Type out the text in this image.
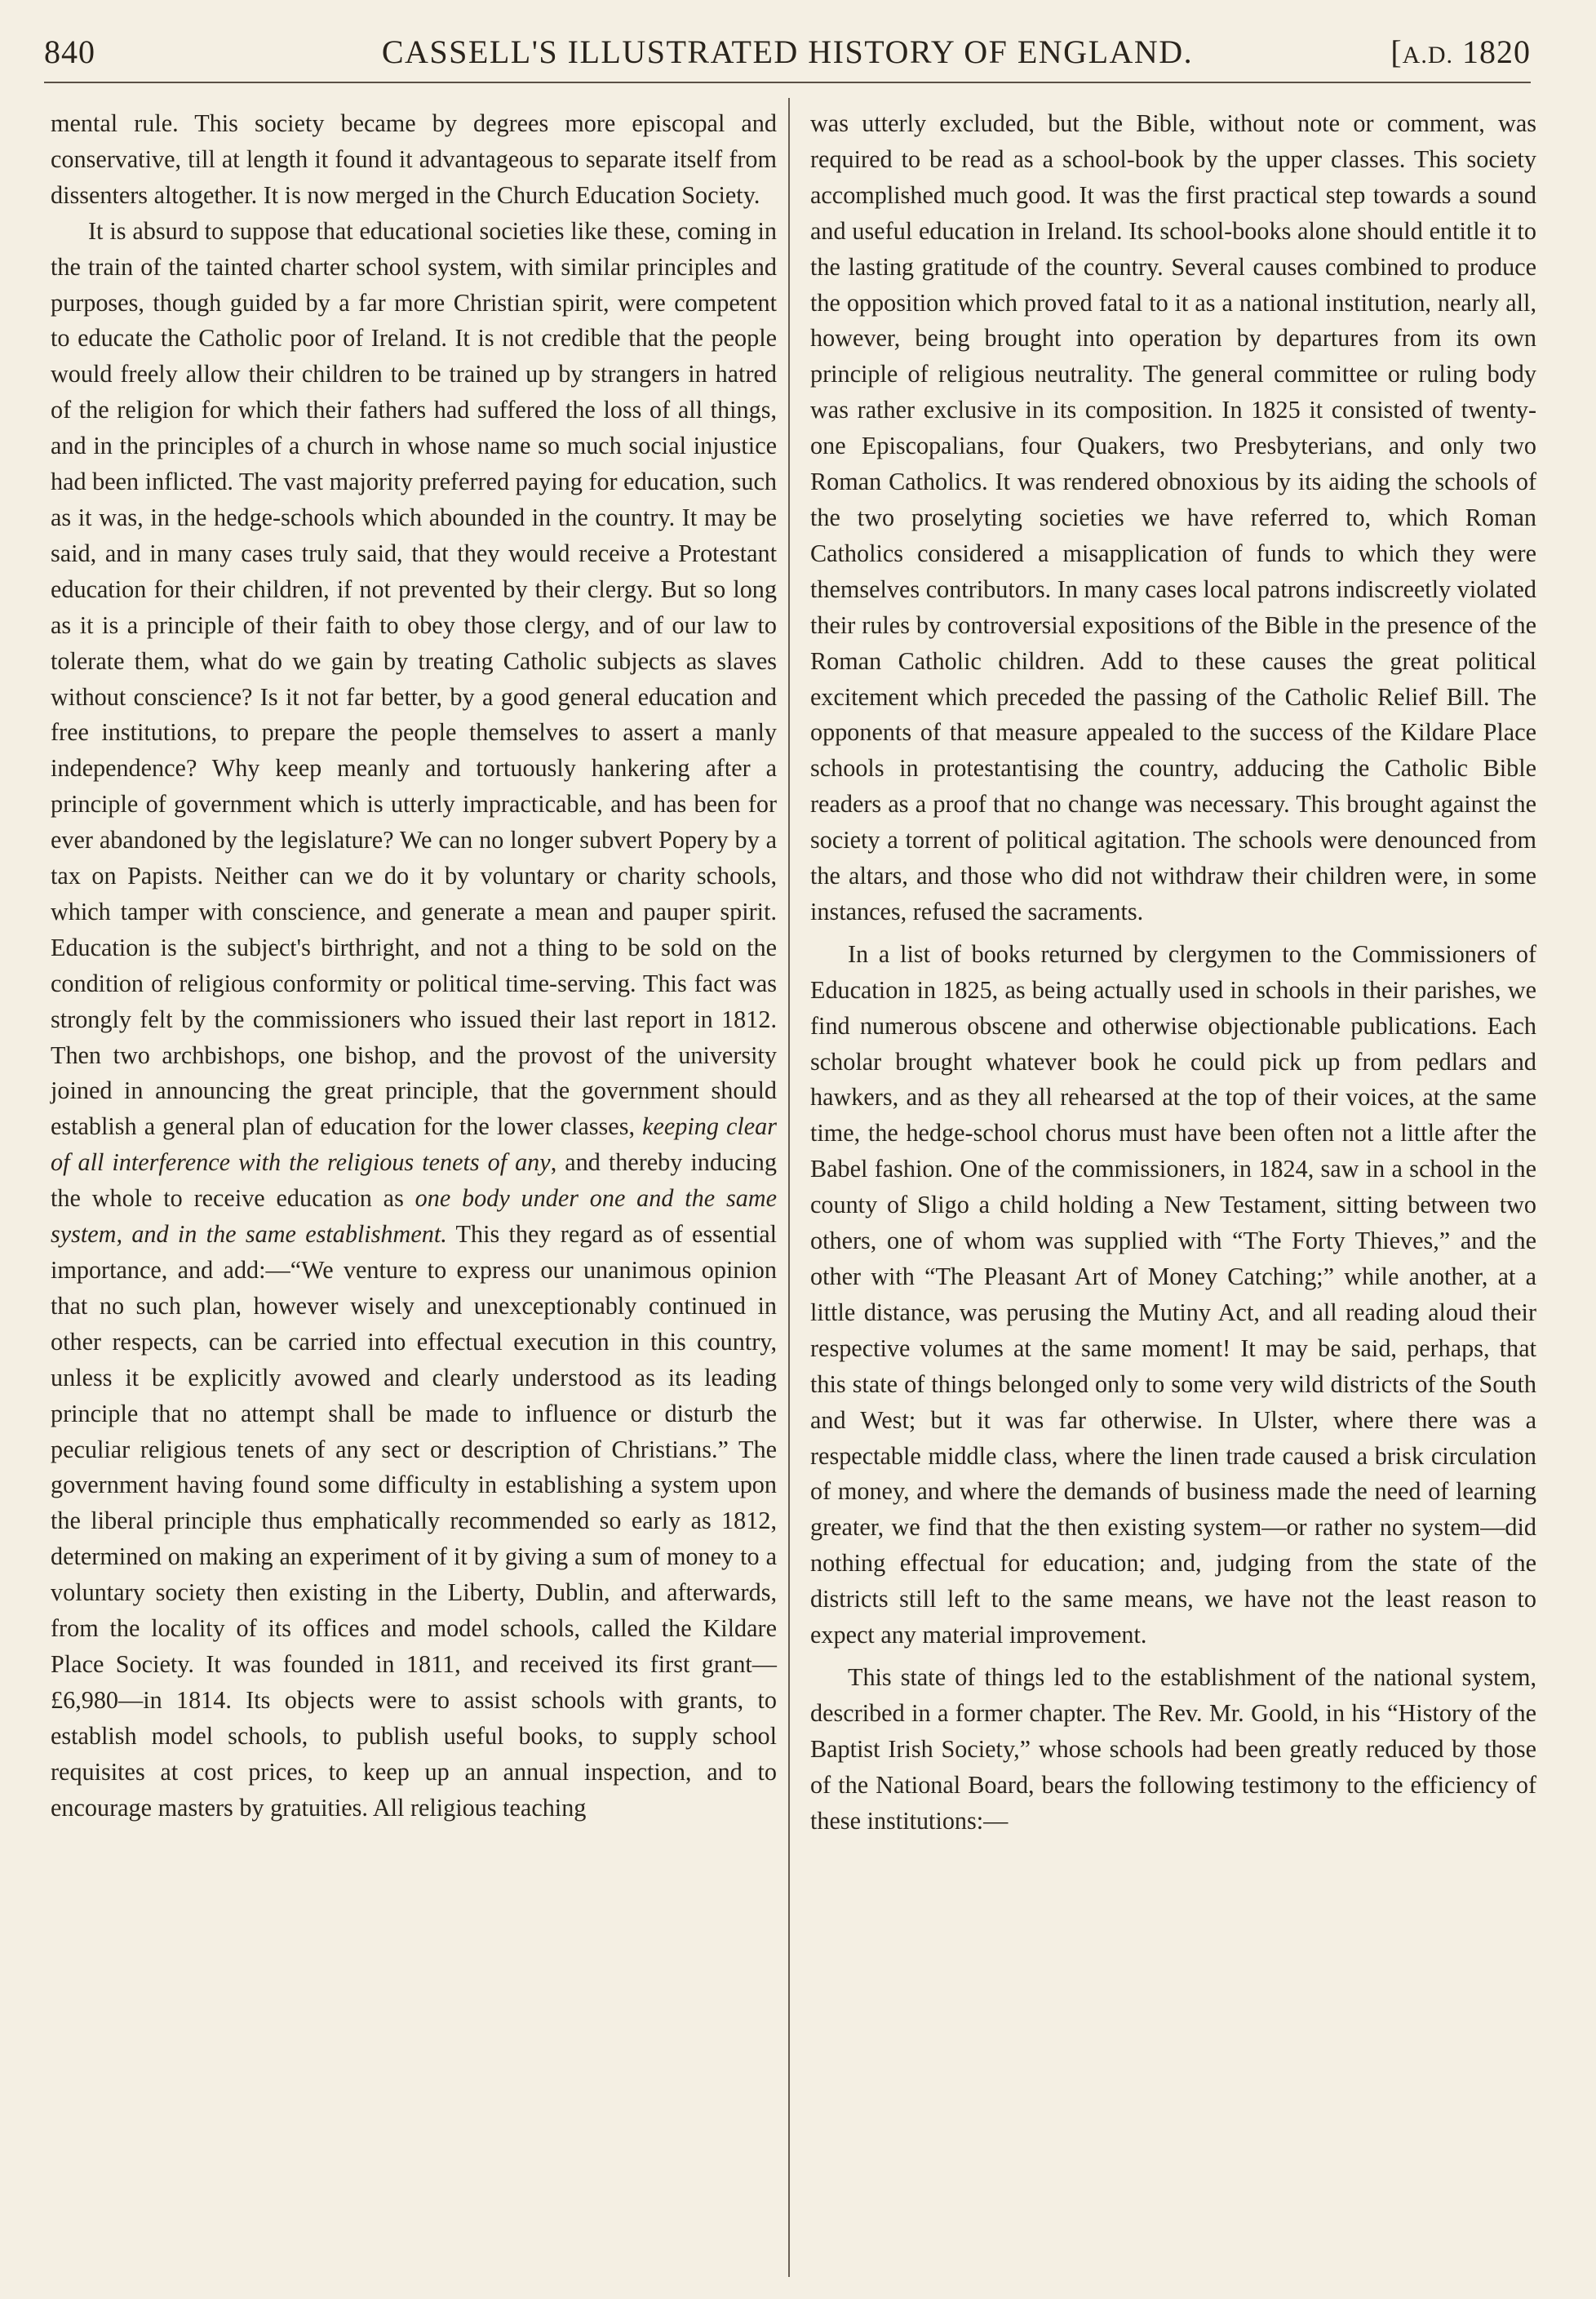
840	CASSELL'S ILLUSTRATED HISTORY OF ENGLAND.	[A.D. 1820

mental rule. This society became by degrees more episcopal and conservative, till at length it found it advantageous to separate itself from dissenters altogether. It is now merged in the Church Education Society.

It is absurd to suppose that educational societies like these, coming in the train of the tainted charter school system, with similar principles and purposes, though guided by a far more Christian spirit, were competent to educate the Catholic poor of Ireland. It is not credible that the people would freely allow their children to be trained up by strangers in hatred of the religion for which their fathers had suffered the loss of all things, and in the principles of a church in whose name so much social injustice had been inflicted. The vast majority preferred paying for education, such as it was, in the hedge-schools which abounded in the country. It may be said, and in many cases truly said, that they would receive a Protestant education for their children, if not prevented by their clergy. But so long as it is a principle of their faith to obey those clergy, and of our law to tolerate them, what do we gain by treating Catholic subjects as slaves without conscience? Is it not far better, by a good general education and free institutions, to prepare the people themselves to assert a manly independence? Why keep meanly and tortuously hankering after a principle of government which is utterly impracticable, and has been for ever abandoned by the legislature? We can no longer subvert Popery by a tax on Papists. Neither can we do it by voluntary or charity schools, which tamper with conscience, and generate a mean and pauper spirit. Education is the subject's birthright, and not a thing to be sold on the condition of religious conformity or political time-serving. This fact was strongly felt by the commissioners who issued their last report in 1812. Then two archbishops, one bishop, and the provost of the university joined in announcing the great principle, that the government should establish a general plan of education for the lower classes, keeping clear of all interference with the religious tenets of any, and thereby inducing the whole to receive education as one body under one and the same system, and in the same establishment. This they regard as of essential importance, and add:—“We venture to express our unanimous opinion that no such plan, however wisely and unexceptionably continued in other respects, can be carried into effectual execution in this country, unless it be explicitly avowed and clearly understood as its leading principle that no attempt shall be made to influence or disturb the peculiar religious tenets of any sect or description of Christians.” The government having found some difficulty in establishing a system upon the liberal principle thus emphatically recommended so early as 1812, determined on making an experiment of it by giving a sum of money to a voluntary society then existing in the Liberty, Dublin, and afterwards, from the locality of its offices and model schools, called the Kildare Place Society. It was founded in 1811, and received its first grant—£6,980—in 1814. Its objects were to assist schools with grants, to establish model schools, to publish useful books, to supply school requisites at cost prices, to keep up an annual inspection, and to encourage masters by gratuities. All religious teaching

was utterly excluded, but the Bible, without note or comment, was required to be read as a school-book by the upper classes. This society accomplished much good. It was the first practical step towards a sound and useful education in Ireland. Its school-books alone should entitle it to the lasting gratitude of the country. Several causes combined to produce the opposition which proved fatal to it as a national institution, nearly all, however, being brought into operation by departures from its own principle of religious neutrality. The general committee or ruling body was rather exclusive in its composition. In 1825 it consisted of twenty-one Episcopalians, four Quakers, two Presbyterians, and only two Roman Catholics. It was rendered obnoxious by its aiding the schools of the two proselyting societies we have referred to, which Roman Catholics considered a misapplication of funds to which they were themselves contributors. In many cases local patrons indiscreetly violated their rules by controversial expositions of the Bible in the presence of the Roman Catholic children. Add to these causes the great political excitement which preceded the passing of the Catholic Relief Bill. The opponents of that measure appealed to the success of the Kildare Place schools in protestantising the country, adducing the Catholic Bible readers as a proof that no change was necessary. This brought against the society a torrent of political agitation. The schools were denounced from the altars, and those who did not withdraw their children were, in some instances, refused the sacraments.

In a list of books returned by clergymen to the Commissioners of Education in 1825, as being actually used in schools in their parishes, we find numerous obscene and otherwise objectionable publications. Each scholar brought whatever book he could pick up from pedlars and hawkers, and as they all rehearsed at the top of their voices, at the same time, the hedge-school chorus must have been often not a little after the Babel fashion. One of the commissioners, in 1824, saw in a school in the county of Sligo a child holding a New Testament, sitting between two others, one of whom was supplied with “The Forty Thieves,” and the other with “The Pleasant Art of Money Catching;” while another, at a little distance, was perusing the Mutiny Act, and all reading aloud their respective volumes at the same moment! It may be said, perhaps, that this state of things belonged only to some very wild districts of the South and West; but it was far otherwise. In Ulster, where there was a respectable middle class, where the linen trade caused a brisk circulation of money, and where the demands of business made the need of learning greater, we find that the then existing system—or rather no system—did nothing effectual for education; and, judging from the state of the districts still left to the same means, we have not the least reason to expect any material improvement.

This state of things led to the establishment of the national system, described in a former chapter. The Rev. Mr. Goold, in his “History of the Baptist Irish Society,” whose schools had been greatly reduced by those of the National Board, bears the following testimony to the efficiency of these institutions:—
